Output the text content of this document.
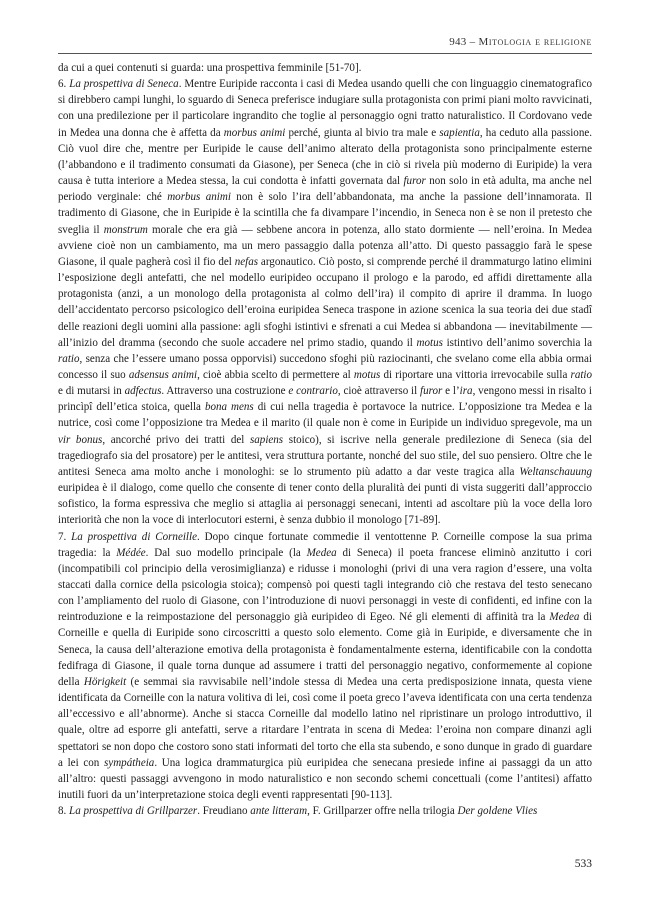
943 – Mitologia e religione

da cui a quei contenuti si guarda: una prospettiva femminile [51-70].

6. La prospettiva di Seneca. Mentre Euripide racconta i casi di Medea usando quelli che con linguaggio cinematografico si direbbero campi lunghi, lo sguardo di Seneca preferisce indugiare sulla protagonista con primi piani molto ravvicinati, con una predilezione per il particolare ingrandito che toglie al personaggio ogni tratto naturalistico. Il Cordovano vede in Medea una donna che è affetta da morbus animi perché, giunta al bivio tra male e sapientia, ha ceduto alla passione. Ciò vuol dire che, mentre per Euripide le cause dell’animo alterato della protagonista sono principalmente esterne (l’abbandono e il tradimento consumati da Giasone), per Seneca (che in ciò si rivela più moderno di Euripide) la vera causa è tutta interiore a Medea stessa, la cui condotta è infatti governata dal furor non solo in età adulta, ma anche nel periodo verginale: ché morbus animi non è solo l’ira dell’abbandonata, ma anche la passione dell’innamorata. Il tradimento di Giasone, che in Euripide è la scintilla che fa divampare l’incendio, in Seneca non è se non il pretesto che sveglia il monstrum morale che era già — sebbene ancora in potenza, allo stato dormiente — nell’eroina. In Medea avviene cioè non un cambiamento, ma un mero passaggio dalla potenza all’atto. Di questo passaggio farà le spese Giasone, il quale pagherà così il fio del nefas argonautico. Ciò posto, si comprende perché il drammaturgo latino elimini l’esposizione degli antefatti, che nel modello euripideo occupano il prologo e la parodo, ed affidi direttamente alla protagonista (anzi, a un monologo della protagonista al colmo dell’ira) il compito di aprire il dramma. In luogo dell’accidentato percorso psicologico dell’eroina euripidea Seneca traspone in azione scenica la sua teoria dei due stadî delle reazioni degli uomini alla passione: agli sfoghi istintivi e sfrenati a cui Medea si abbandona — inevitabilmente — all’inizio del dramma (secondo che suole accadere nel primo stadio, quando il motus istintivo dell’animo soverchia la ratio, senza che l’essere umano possa opporvisi) succedono sfoghi più raziocinanti, che svelano come ella abbia ormai concesso il suo adsensus animi, cioè abbia scelto di permettere al motus di riportare una vittoria irrevocabile sulla ratio e di mutarsi in adfectus. Attraverso una costruzione e contrario, cioè attraverso il furor e l’ira, vengono messi in risalto i princìpî dell’etica stoica, quella bona mens di cui nella tragedia è portavoce la nutrice. L’opposizione tra Medea e la nutrice, così come l’opposizione tra Medea e il marito (il quale non è come in Euripide un individuo spregevole, ma un vir bonus, ancorché privo dei tratti del sapiens stoico), si iscrive nella generale predilezione di Seneca (sia del tragediografo sia del prosatore) per le antitesi, vera struttura portante, nonché del suo stile, del suo pensiero. Oltre che le antitesi Seneca ama molto anche i monologhi: se lo strumento più adatto a dar veste tragica alla Weltanschauung euripidea è il dialogo, come quello che consente di tener conto della pluralità dei punti di vista suggeriti dall’approccio sofistico, la forma espressiva che meglio si attaglia ai personaggi senecani, intenti ad ascoltare più la voce della loro interiorità che non la voce di interlocutori esterni, è senza dubbio il monologo [71-89].

7. La prospettiva di Corneille. Dopo cinque fortunate commedie il ventottenne P. Corneille compose la sua prima tragedia: la Médée. Dal suo modello principale (la Medea di Seneca) il poeta francese eliminò anzitutto i cori (incompatibili col principio della verosimiglianza) e ridusse i monologhi (privi di una vera ragion d’essere, una volta staccati dalla cornice della psicologia stoica); compensò poi questi tagli integrando ciò che restava del testo senecano con l’ampliamento del ruolo di Giasone, con l’introduzione di nuovi personaggi in veste di confidenti, ed infine con la reintroduzione e la reimpostazione del personaggio già euripideo di Egeo. Né gli elementi di affinità tra la Medea di Corneille e quella di Euripide sono circoscritti a questo solo elemento. Come già in Euripide, e diversamente che in Seneca, la causa dell’alterazione emotiva della protagonista è fondamentalmente esterna, identificabile con la condotta fedifraga di Giasone, il quale torna dunque ad assumere i tratti del personaggio negativo, conformemente al copione della Hörigkeit (e semmai sia ravvisabile nell’indole stessa di Medea una certa predisposizione innata, questa viene identificata da Corneille con la natura volitiva di lei, così come il poeta greco l’aveva identificata con una certa tendenza all’eccessivo e all’abnorme). Anche si stacca Corneille dal modello latino nel ripristinare un prologo introduttivo, il quale, oltre ad esporre gli antefatti, serve a ritardare l’entrata in scena di Medea: l’eroina non compare dinanzi agli spettatori se non dopo che costoro sono stati informati del torto che ella sta subendo, e sono dunque in grado di guardare a lei con sympátheia. Una logica drammaturgica più euripidea che senecana presiede infine ai passaggi da un atto all’altro: questi passaggi avvengono in modo naturalistico e non secondo schemi concettuali (come l’antitesi) affatto inutili fuori da un’interpretazione stoica degli eventi rappresentati [90-113].

8. La prospettiva di Grillparzer. Freudiano ante litteram, F. Grillparzer offre nella trilogia Der goldene Vlies

533
